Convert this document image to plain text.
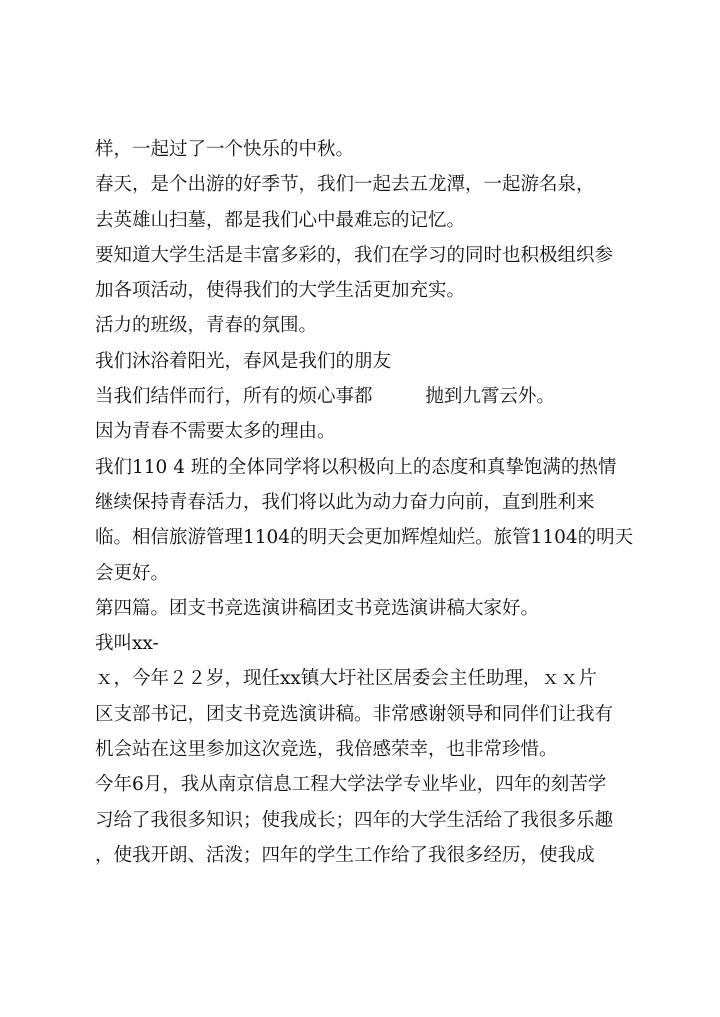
样，一起过了一个快乐的中秋。
春天，是个出游的好季节，我们一起去五龙潭，一起游名泉，
去英雄山扫墓，都是我们心中最难忘的记忆。
要知道大学生活是丰富多彩的，我们在学习的同时也积极组织参
加各项活动，使得我们的大学生活更加充实。
活力的班级，青春的氛围。
我们沐浴着阳光，春风是我们的朋友
当我们结伴而行，所有的烦心事都         抛到九霄云外。
因为青春不需要太多的理由。
我们110 4 班的全体同学将以积极向上的态度和真挚饱满的热情
继续保持青春活力，我们将以此为动力奋力向前，直到胜利来
临。相信旅游管理1104的明天会更加辉煌灿烂。旅管1104的明天
会更好。
第四篇。团支书竞选演讲稿团支书竞选演讲稿大家好。
我叫xx-
ｘ，今年２２岁，现任xx镇大圩社区居委会主任助理，ｘｘ片
区支部书记，团支书竞选演讲稿。非常感谢领导和同伴们让我有
机会站在这里参加这次竞选，我倍感荣幸，也非常珍惜。
今年6月，我从南京信息工程大学法学专业毕业，四年的刻苦学
习给了我很多知识；使我成长；四年的大学生活给了我很多乐趣
，使我开朗、活泼；四年的学生工作给了我很多经历，使我成
